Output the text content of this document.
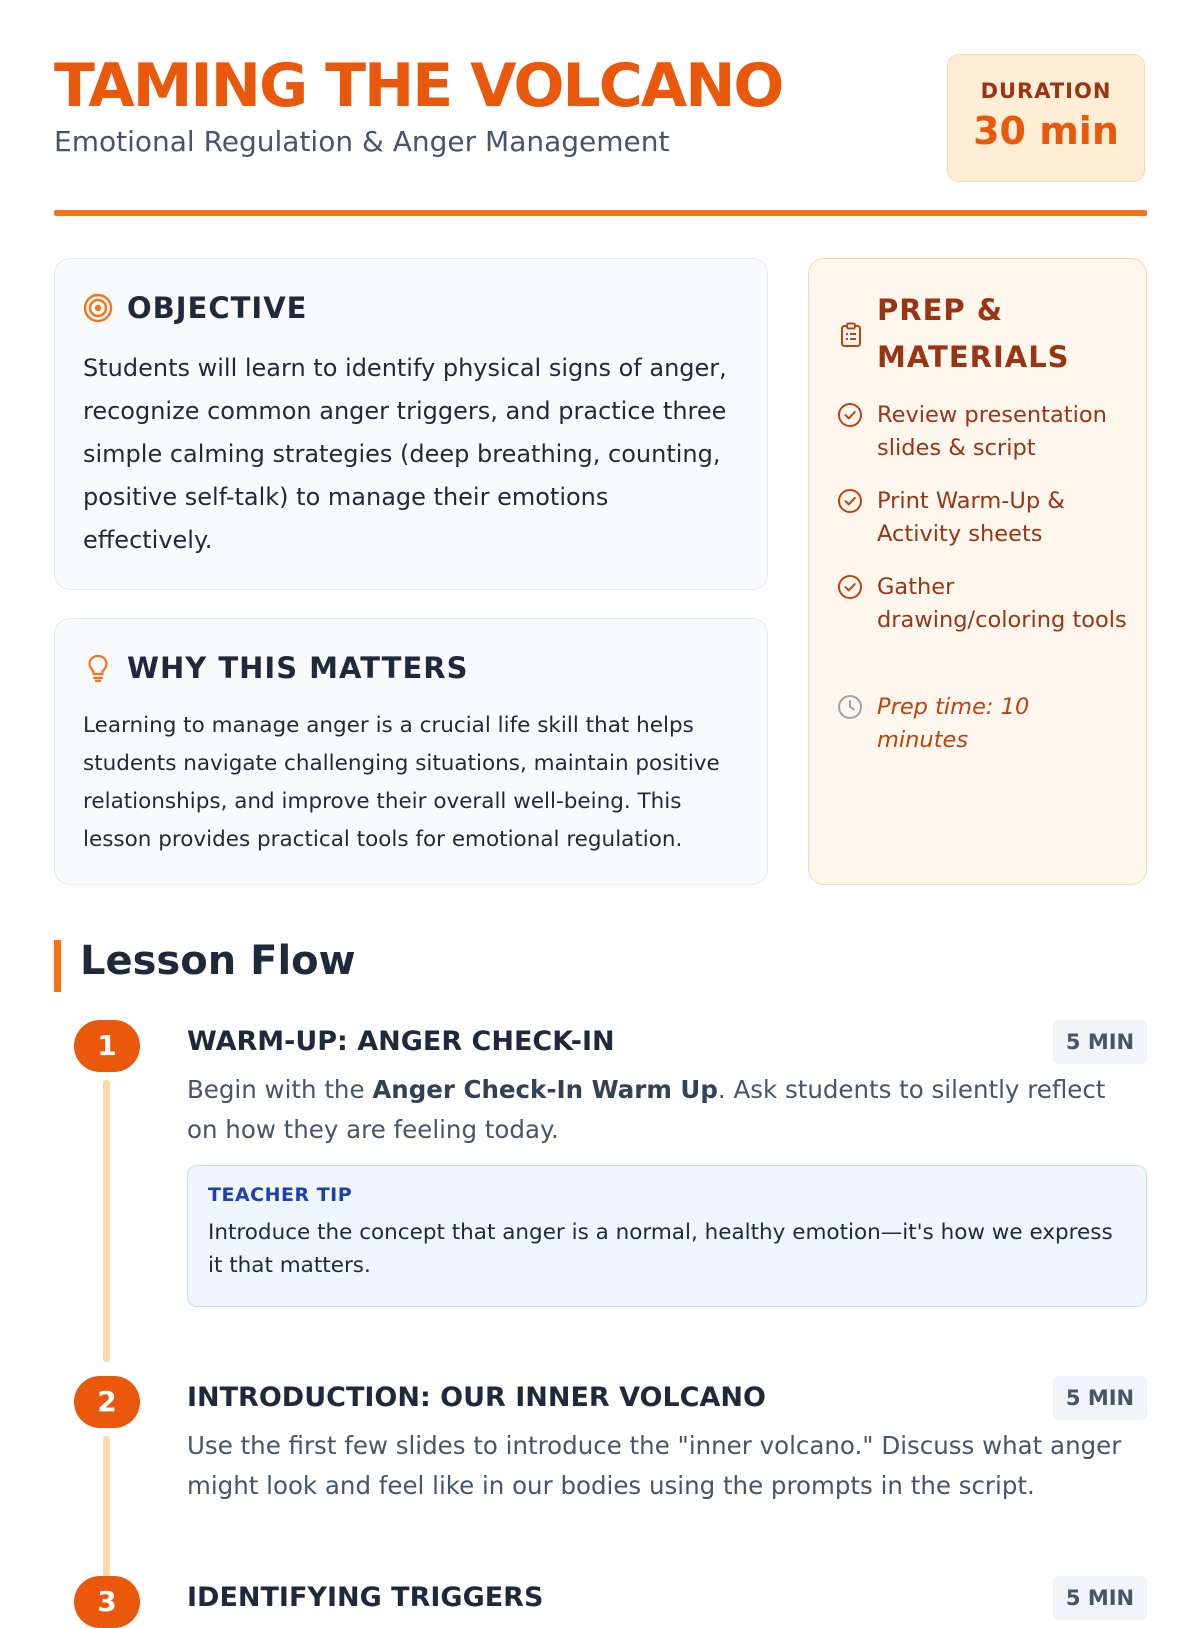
TAMING THE VOLCANO
Emotional Regulation & Anger Management
DURATION
30 min
OBJECTIVE
Students will learn to identify physical signs of anger, recognize common anger triggers, and practice three simple calming strategies (deep breathing, counting, positive self-talk) to manage their emotions effectively.
WHY THIS MATTERS
Learning to manage anger is a crucial life skill that helps students navigate challenging situations, maintain positive relationships, and improve their overall well-being. This lesson provides practical tools for emotional regulation.
PREP & MATERIALS
Review presentation slides & script
Print Warm-Up & Activity sheets
Gather drawing/coloring tools
Prep time: 10 minutes
Lesson Flow
1	WARM-UP: ANGER CHECK-IN	5 MIN
Begin with the Anger Check-In Warm Up. Ask students to silently reflect on how they are feeling today.
TEACHER TIP
Introduce the concept that anger is a normal, healthy emotion—it's how we express it that matters.
2	INTRODUCTION: OUR INNER VOLCANO	5 MIN
Use the first few slides to introduce the "inner volcano." Discuss what anger might look and feel like in our bodies using the prompts in the script.
3	IDENTIFYING TRIGGERS	5 MIN
